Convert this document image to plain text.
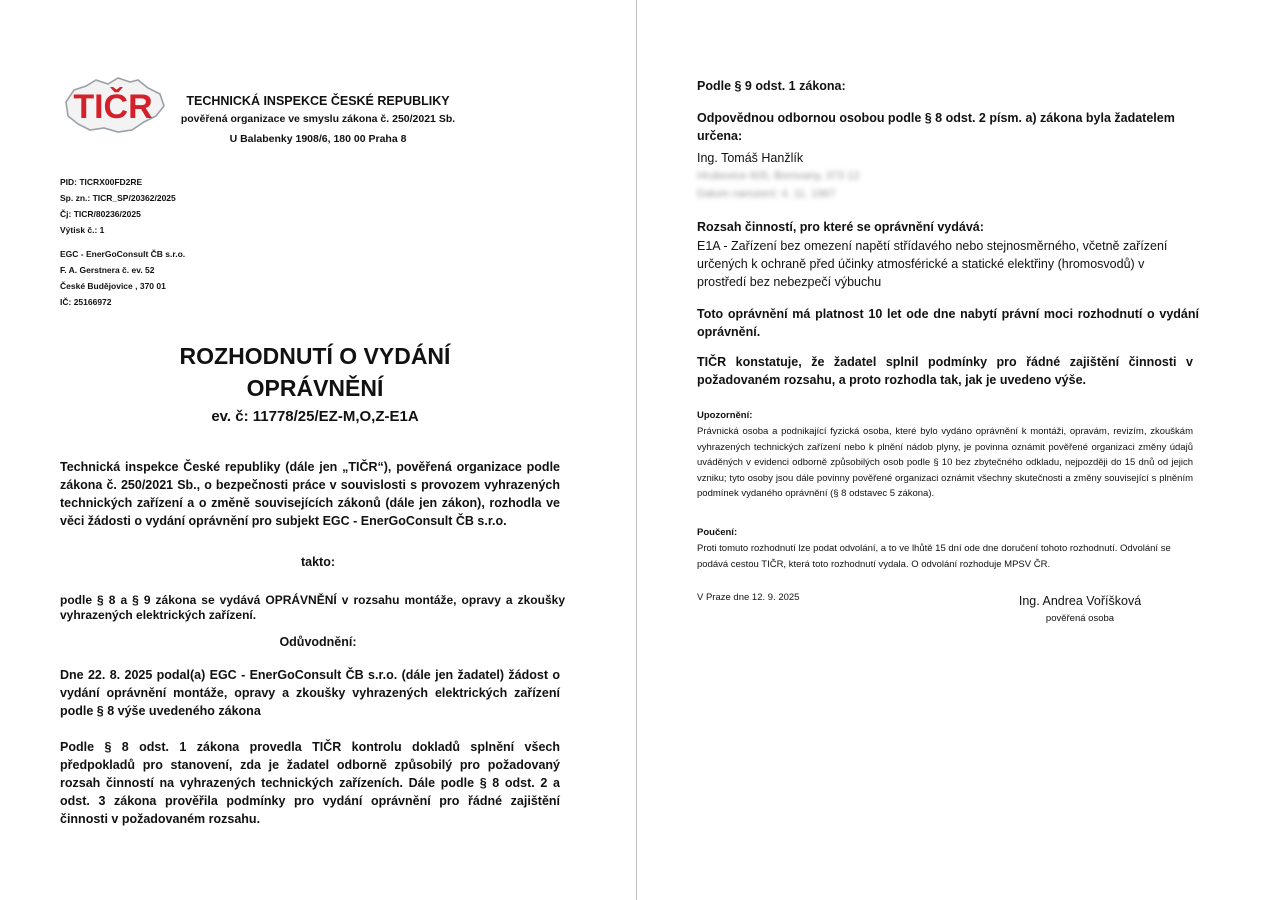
TIČR	TECHNICKÁ INSPEKCE ČESKÉ REPUBLIKY
pověřená organizace ve smyslu zákona č. 250/2021 Sb.
U Balabenky 1908/6, 180 00 Praha 8
PID: TICRX00FD2RE
Sp. zn.: TICR_SP/20362/2025
Čj: TICR/80236/2025
Výtisk č.: 1
EGC - EnerGoConsult ČB s.r.o.
F. A. Gerstnera č. ev. 52
České Budějovice , 370 01
IČ: 25166972
ROZHODNUTÍ O VYDÁNÍ
OPRÁVNĚNÍ
ev. č: 11778/25/EZ-M,O,Z-E1A
Technická inspekce České republiky (dále jen „TIČR“), pověřená organizace podle zákona č. 250/2021 Sb., o bezpečnosti práce v souvislosti s provozem vyhrazených technických zařízení a o změně souvisejících zákonů (dále jen zákon), rozhodla ve věci žádosti o vydání oprávnění pro subjekt EGC - EnerGoConsult ČB s.r.o.
takto:
podle § 8 a § 9 zákona se vydává OPRÁVNĚNÍ v rozsahu montáže, opravy a zkoušky vyhrazených elektrických zařízení.
Odůvodnění:
Dne 22. 8. 2025 podal(a) EGC - EnerGoConsult ČB s.r.o. (dále jen žadatel) žádost o vydání oprávnění montáže, opravy a zkoušky vyhrazených elektrických zařízení podle § 8 výše uvedeného zákona
Podle § 8 odst. 1 zákona provedla TIČR kontrolu dokladů splnění všech předpokladů pro stanovení, zda je žadatel odborně způsobilý pro požadovaný rozsah činností na vyhrazených technických zařízeních. Dále podle § 8 odst. 2 a odst. 3 zákona prověřila podmínky pro vydání oprávnění pro řádné zajištění činnosti v požadovaném rozsahu.
Podle § 9 odst. 1 zákona:
Odpovědnou odbornou osobou podle § 8 odst. 2 písm. a) zákona byla žadatelem určena:
Ing. Tomáš Hanžlík
Hrubovice 605, Borovany, 373 12
Datum narození: 4. 11. 1967
Rozsah činností, pro které se oprávnění vydává:
E1A - Zařízení bez omezení napětí střídavého nebo stejnosměrného, včetně zařízení určených k ochraně před účinky atmosférické a statické elektřiny (hromosvodů) v prostředí bez nebezpečí výbuchu
Toto oprávnění má platnost 10 let ode dne nabytí právní moci rozhodnutí o vydání oprávnění.
TIČR konstatuje, že žadatel splnil podmínky pro řádné zajištění činnosti v požadovaném rozsahu, a proto rozhodla tak, jak je uvedeno výše.
Upozornění:
Právnická osoba a podnikající fyzická osoba, které bylo vydáno oprávnění k montáži, opravám, revizím, zkouškám vyhrazených technických zařízení nebo k plnění nádob plyny, je povinna oznámit pověřené organizaci změny údajů uváděných v evidenci odborně způsobilých osob podle § 10 bez zbytečného odkladu, nejpozději do 15 dnů od jejich vzniku; tyto osoby jsou dále povinny pověřené organizaci oznámit všechny skutečnosti a změny související s plněním podmínek vydaného oprávnění (§ 8 odstavec 5 zákona).
Poučení:
Proti tomuto rozhodnutí lze podat odvolání, a to ve lhůtě 15 dní ode dne doručení tohoto rozhodnutí. Odvolání se podává cestou TIČR, která toto rozhodnutí vydala. O odvolání rozhoduje MPSV ČR.
V Praze dne 12. 9. 2025	Ing. Andrea Voříšková
pověřená osoba
